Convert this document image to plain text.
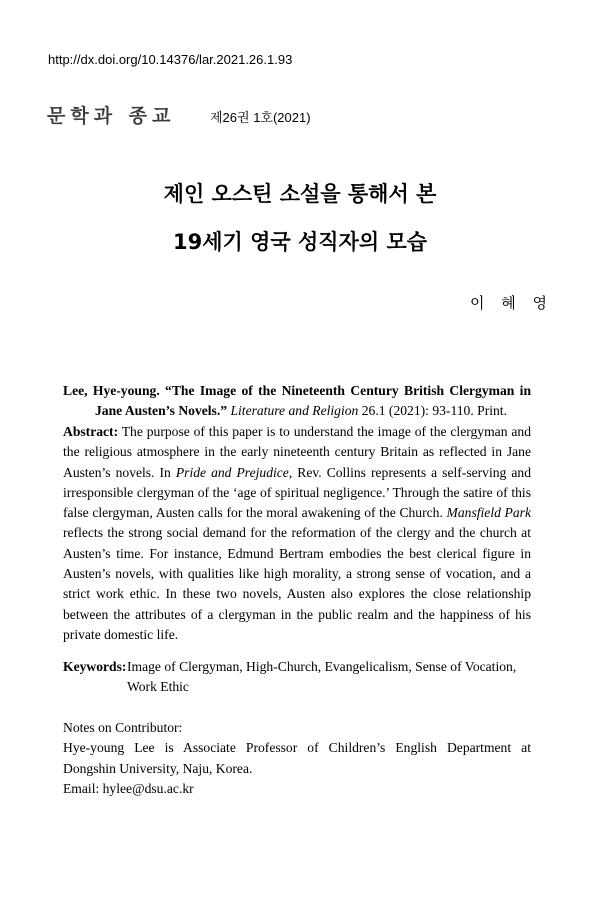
http://dx.doi.org/10.14376/lar.2021.26.1.93
문학과 종교	제26권 1호(2021)
제인 오스틴 소설을 통해서 본
19세기 영국 성직자의 모습
이 혜 영

Lee, Hye-young. “The Image of the Nineteenth Century British Clergyman in Jane Austen’s Novels.” Literature and Religion 26.1 (2021): 93-110. Print.

Abstract: The purpose of this paper is to understand the image of the clergyman and the religious atmosphere in the early nineteenth century Britain as reflected in Jane Austen’s novels. In Pride and Prejudice, Rev. Collins represents a self-serving and irresponsible clergyman of the ‘age of spiritual negligence.’ Through the satire of this false clergyman, Austen calls for the moral awakening of the Church. Mansfield Park reflects the strong social demand for the reformation of the clergy and the church at Austen’s time. For instance, Edmund Bertram embodies the best clerical figure in Austen’s novels, with qualities like high morality, a strong sense of vocation, and a strict work ethic. In these two novels, Austen also explores the close relationship between the attributes of a clergyman in the public realm and the happiness of his private domestic life.

Keywords: Image of Clergyman, High-Church, Evangelicalism, Sense of Vocation, Work Ethic
Notes on Contributor:
Hye-young Lee is Associate Professor of Children’s English Department at
Dongshin University, Naju, Korea.
Email: hylee@dsu.ac.kr
